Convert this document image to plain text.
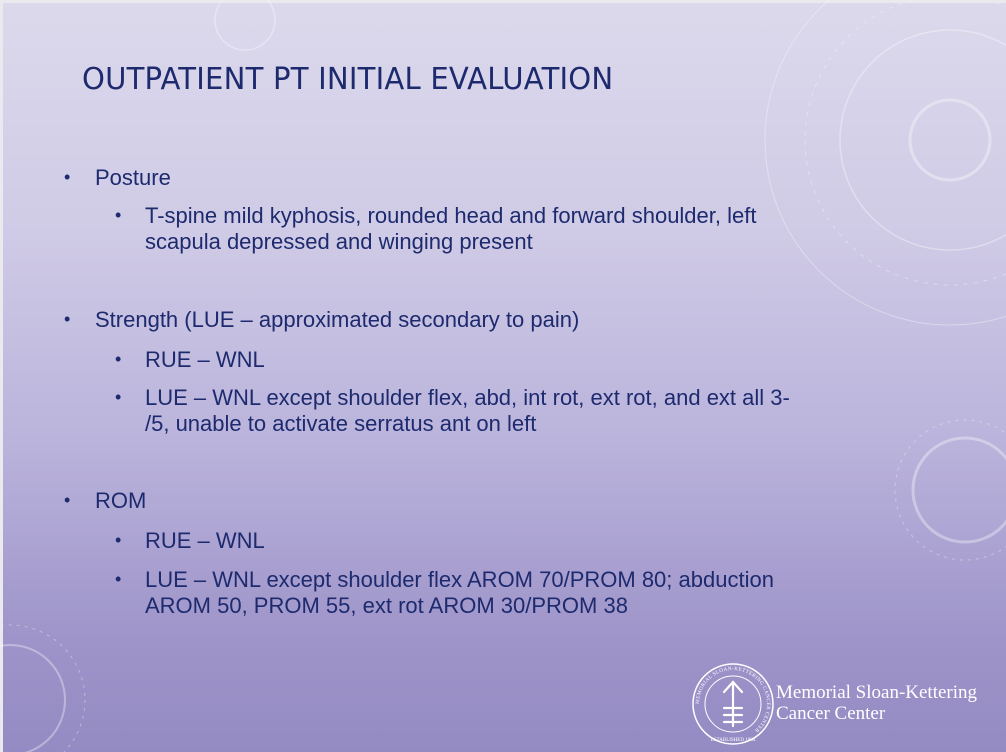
OUTPATIENT PT INITIAL EVALUATION
• Posture
• T-spine mild kyphosis, rounded head and forward shoulder, left
scapula depressed and winging present
• Strength (LUE – approximated secondary to pain)
• RUE – WNL
• LUE – WNL except shoulder flex, abd, int rot, ext rot, and ext all 3-
/5, unable to activate serratus ant on left
• ROM
• RUE – WNL
• LUE – WNL except shoulder flex AROM 70/PROM 80; abduction
AROM 50, PROM 55, ext rot AROM 30/PROM 38
MEMORIAL SLOAN-KETTERING CANCER CENTER
ESTABLISHED 1884
Memorial Sloan-Kettering
Cancer Center
